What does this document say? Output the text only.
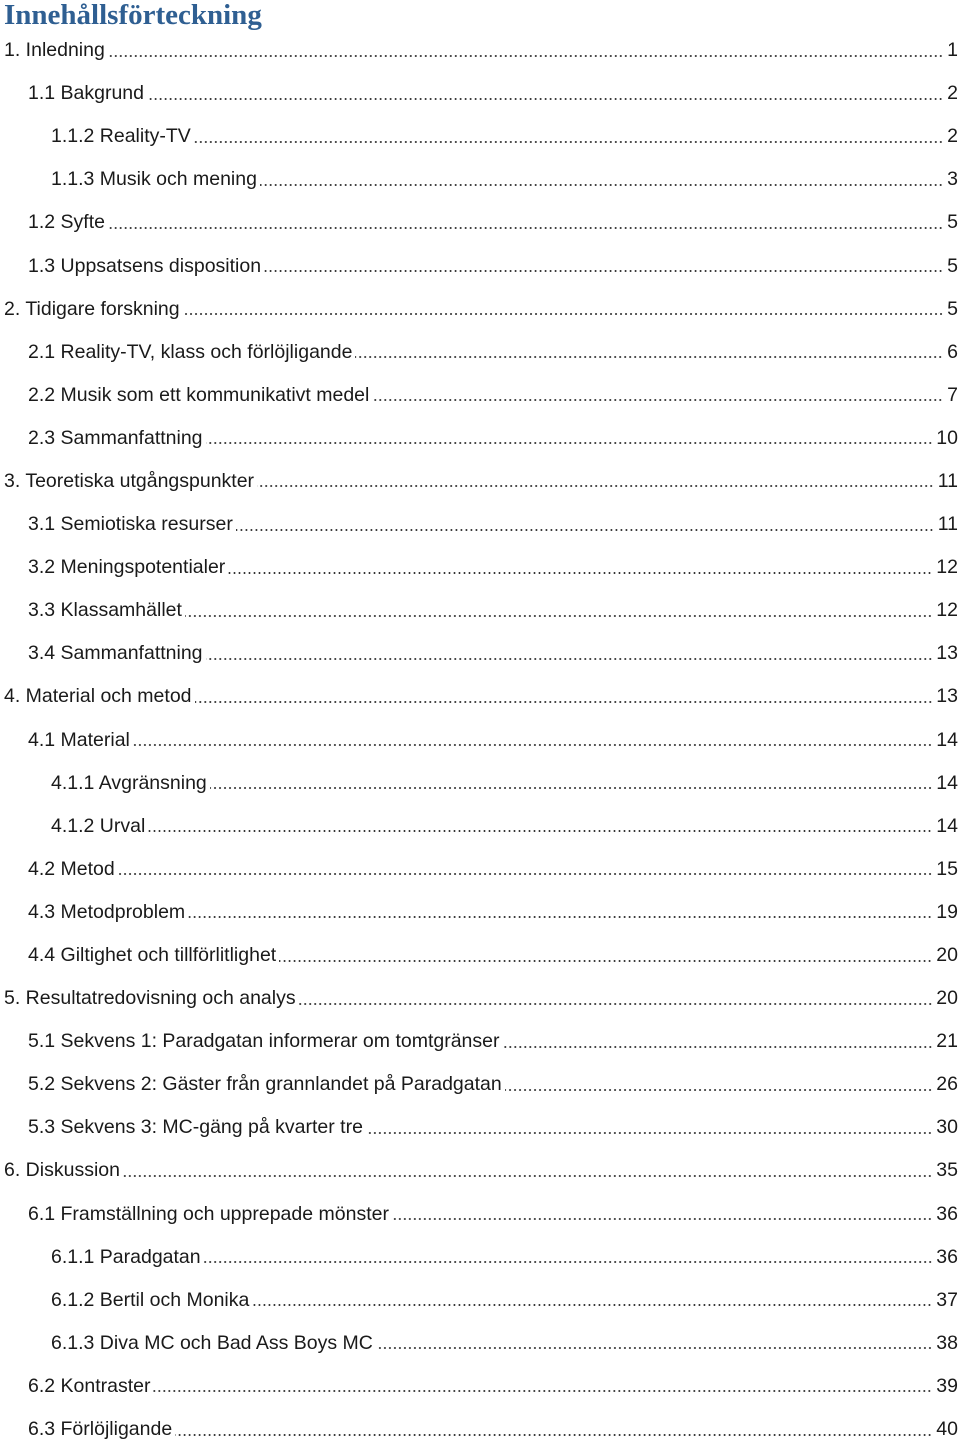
Innehållsförteckning
1. Inledning	1
1.1 Bakgrund	2
1.1.2 Reality-TV	2
1.1.3 Musik och mening	3
1.2 Syfte	5
1.3 Uppsatsens disposition	5
2. Tidigare forskning	5
2.1 Reality-TV, klass och förlöjligande	6
2.2 Musik som ett kommunikativt medel	7
2.3 Sammanfattning	10
3. Teoretiska utgångspunkter	11
3.1 Semiotiska resurser	11
3.2 Meningspotentialer	12
3.3 Klassamhället	12
3.4 Sammanfattning	13
4. Material och metod	13
4.1 Material	14
4.1.1 Avgränsning	14
4.1.2 Urval	14
4.2 Metod	15
4.3 Metodproblem	19
4.4 Giltighet och tillförlitlighet	20
5. Resultatredovisning och analys	20
5.1 Sekvens 1: Paradgatan informerar om tomtgränser	21
5.2 Sekvens 2: Gäster från grannlandet på Paradgatan	26
5.3 Sekvens 3: MC-gäng på kvarter tre	30
6. Diskussion	35
6.1 Framställning och upprepade mönster	36
6.1.1 Paradgatan	36
6.1.2 Bertil och Monika	37
6.1.3 Diva MC och Bad Ass Boys MC	38
6.2 Kontraster	39
6.3 Förlöjligande	40
